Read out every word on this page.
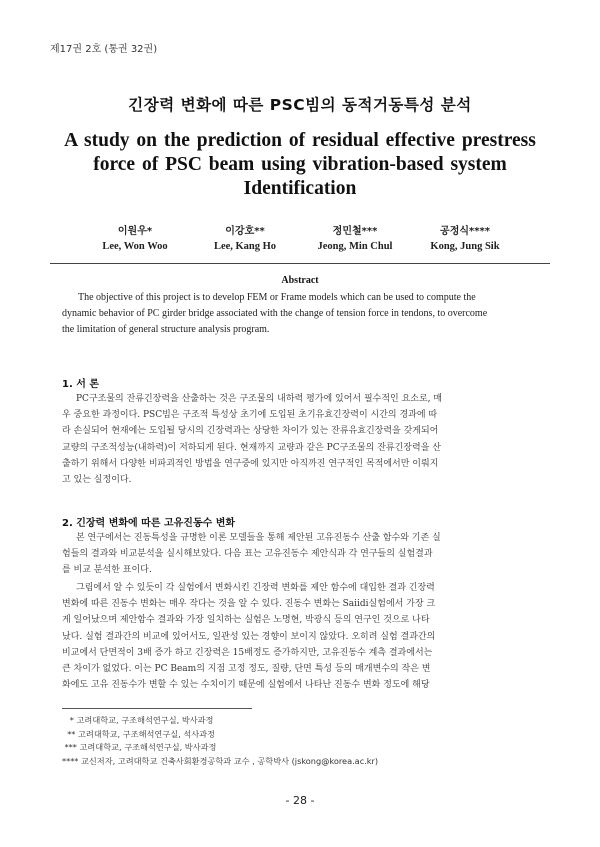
제17권 2호 (통권 32권)
긴장력 변화에 따른 PSC빔의 동적거동특성 분석
A study on the prediction of residual effective prestress
force of PSC beam using vibration-based system
Identification
이원우*
Lee, Won Woo
이강호**
Lee, Kang Ho
정민철***
Jeong, Min Chul
공정식****
Kong, Jung Sik
Abstract
The objective of this project is to develop FEM or Frame models which can be used to compute the
dynamic behavior of PC girder bridge associated with the change of tension force in tendons, to overcome
the limitation of general structure analysis program.
1. 서 론
PC구조물의 잔류긴장력을 산출하는 것은 구조물의 내하력 평가에 있어서 필수적인 요소로, 매
우 중요한 과정이다. PSC빔은 구조적 특성상 초기에 도입된 초기유효긴장력이 시간의 경과에 따
라 손실되어 현재에는 도입될 당시의 긴장력과는 상당한 차이가 있는 잔류유효긴장력을 갖게되어
교량의 구조적성능(내하력)이 저하되게 된다. 현재까지 교량과 같은 PC구조물의 잔류긴장력을 산
출하기 위해서 다양한 비파괴적인 방법을 연구중에 있지만 아직까진 연구적인 목적에서만 이뤄지
고 있는 실정이다.
2. 긴장력 변화에 따른 고유진동수 변화
본 연구에서는 진동특성을 규명한 이론 모델들을 통해 제안된 고유진동수 산출 함수와 기존 실
험들의 결과와 비교분석을 실시해보았다. 다음 표는 고유진동수 제안식과 각 연구들의 실험결과
를 비교 분석한 표이다.
그림에서 알 수 있듯이 각 실험에서 변화시킨 긴장력 변화를 제안 함수에 대입한 결과 긴장력
변화에 따른 진동수 변화는 매우 작다는 것을 알 수 있다. 진동수 변화는 Saiidi실험에서 가장 크
게 일어났으며 제안함수 결과와 가장 일치하는 실험은 노명현, 박광식 등의 연구인 것으로 나타
났다. 실험 결과간의 비교에 있어서도, 일관성 있는 경향이 보이지 않았다. 오히려 실험 결과간의
비교에서 단면적이 3배 증가 하고 긴장력은 15배정도 증가하지만, 고유진동수 계측 결과에서는
큰 차이가 없었다. 이는 PC Beam의 지점 고정 정도, 질량, 단면 특성 등의 매개변수의 작은 변
화에도 고유 진동수가 변할 수 있는 수치이기 때문에 실험에서 나타난 진동수 변화 정도에 해당
* 고려대학교, 구조해석연구실, 박사과정
** 고려대학교, 구조해석연구실, 석사과정
*** 고려대학교, 구조해석연구실, 박사과정
**** 교신저자, 고려대학교 건축사회환경공학과 교수 , 공학박사 (jskong@korea.ac.kr)
- 28 -
